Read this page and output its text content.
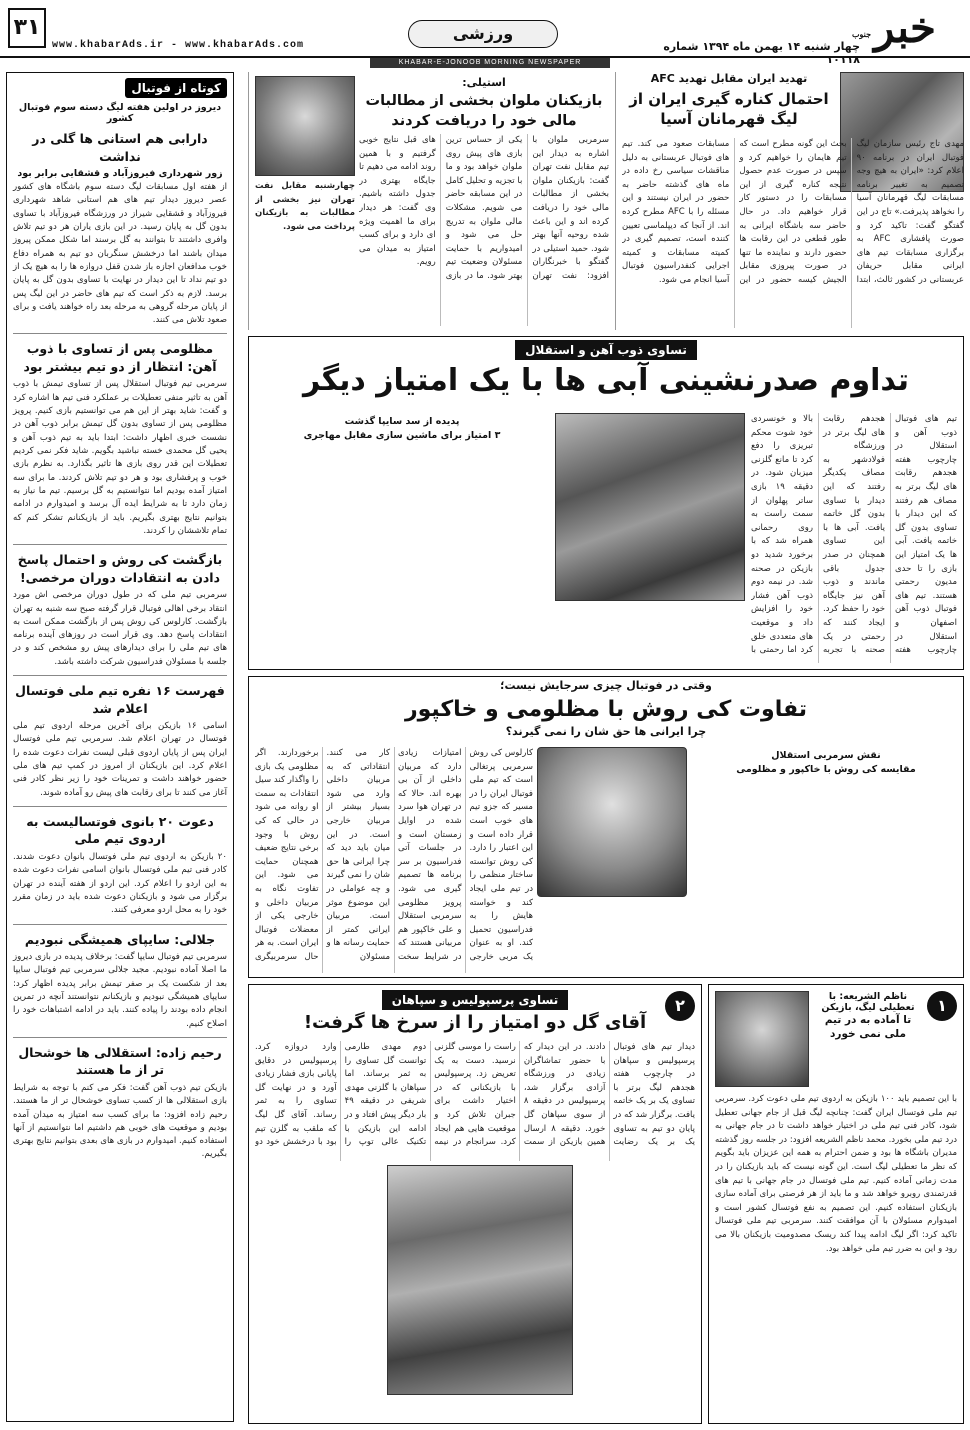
۳۱
www.khabarAds.ir - www.khabarAds.com
ورزشی	خبر
جنوب
چهار شنبه ۱۴ بهمن ماه ۱۳۹۴ شماره ۱۰۱۱۸
KHABAR-E-JONOOB MORNING NEWSPAPER
کوتاه از فوتبال
دیروز در اولین هفته لیگ دسته سوم فوتبال کشور
دارابی هم استانی ها گلی در نداشت
زور شهرداری فیروزآباد و قشقایی برابر بود
از هفته اول مسابقات لیگ دسته سوم باشگاه های کشور عصر دیروز دیدار تیم های هم استانی شاهد شهرداری فیروزآباد و قشقایی شیراز در ورزشگاه فیروزآباد با تساوی بدون گل به پایان رسید. در این بازی یاران هر دو تیم تلاش وافری داشتند تا بتوانند به گل برسند اما شکل ممکن پیروز میدان باشند اما درخشش سنگربان دو تیم به همراه دفاع خوب مدافعان اجازه باز شدن قفل دروازه ها را به هیچ یک از دو تیم نداد تا این دیدار در نهایت با تساوی بدون گل به پایان برسد. لازم به ذکر است که تیم های حاضر در این لیگ پس از پایان مرحله گروهی به مرحله بعد راه خواهند یافت و برای صعود تلاش می کنند.
مظلومی پس از تساوی با ذوب آهن: انتظار از دو تیم بیشتر بود
سرمربی تیم فوتبال استقلال پس از تساوی تیمش با ذوب آهن به تاثیر منفی تعطیلات بر عملکرد فنی تیم ها اشاره کرد و گفت: شاید بهتر از این هم می توانستیم بازی کنیم. پرویز مظلومی پس از تساوی بدون گل تیمش برابر ذوب آهن در نشست خبری اظهار داشت: ابتدا باید به تیم ذوب آهن و یحیی گل محمدی خسته نباشید بگویم. شاید فکر نمی کردیم تعطیلات این قدر روی بازی ها تاثیر بگذارد. به نظرم بازی خوب و پرفشاری بود و هر دو تیم تلاش کردند. ما برای سه امتیاز آمده بودیم اما نتوانستیم به گل برسیم. تیم ما نیاز به زمان دارد تا به شرایط ایده آل برسد و امیدوارم در ادامه بتوانیم نتایج بهتری بگیریم. باید از بازیکنانم تشکر کنم که تمام تلاششان را کردند.
بازگشت کی روش و احتمال پاسخ دادن به انتقادات دوران مرخصی!
سرمربی تیم ملی که در طول دوران مرخصی اش مورد انتقاد برخی اهالی فوتبال قرار گرفته صبح سه شنبه به تهران بازگشت. کارلوس کی روش پس از بازگشت ممکن است به انتقادات پاسخ دهد. وی قرار است در روزهای آینده برنامه های تیم ملی را برای دیدارهای پیش رو مشخص کند و در جلسه با مسئولان فدراسیون شرکت داشته باشد.
فهرست ۱۶ نفره تیم ملی فوتسال اعلام شد
اسامی ۱۶ بازیکن برای آخرین مرحله اردوی تیم ملی فوتسال در تهران اعلام شد. سرمربی تیم ملی فوتسال ایران پس از پایان اردوی قبلی لیست نفرات دعوت شده را اعلام کرد. این بازیکنان از امروز در کمپ تیم های ملی حضور خواهند داشت و تمرینات خود را زیر نظر کادر فنی آغاز می کنند تا برای رقابت های پیش رو آماده شوند.
دعوت ۲۰ بانوی فوتسالیست به اردوی تیم ملی
۲۰ بازیکن به اردوی تیم ملی فوتسال بانوان دعوت شدند. کادر فنی تیم ملی فوتسال بانوان اسامی نفرات دعوت شده به این اردو را اعلام کرد. این اردو از هفته آینده در تهران برگزار می شود و بازیکنان دعوت شده باید در زمان مقرر خود را به محل اردو معرفی کنند.
جلالی: سایپای همیشگی نبودیم
سرمربی تیم فوتبال سایپا گفت: برخلاف پدیده در بازی دیروز ما اصلا آماده نبودیم. مجید جلالی سرمربی تیم فوتبال سایپا بعد از شکست یک بر صفر تیمش برابر پدیده اظهار کرد: سایپای همیشگی نبودیم و بازیکنانم نتوانستند آنچه در تمرین انجام داده بودند را پیاده کنند. باید در ادامه اشتباهات خود را اصلاح کنیم.
رحیم زاده: استقلالی ها خوشحال تر از ما هستند
بازیکن تیم ذوب آهن گفت: فکر می کنم با توجه به شرایط بازی استقلالی ها از کسب تساوی خوشحال تر از ما هستند. رحیم زاده افزود: ما برای کسب سه امتیاز به میدان آمده بودیم و موقعیت های خوبی هم داشتیم اما نتوانستیم از آنها استفاده کنیم. امیدوارم در بازی های بعدی بتوانیم نتایج بهتری بگیریم.
تهدید ایران مقابل تهدید AFC
احتمال کناره گیری ایران از لیگ قهرمانان آسیا
مهدی تاج رئیس سازمان لیگ فوتبال ایران در برنامه ۹۰ اعلام کرد: «ایران به هیچ وجه تصمیم به تغییر برنامه مسابقات لیگ قهرمانان آسیا را نخواهد پذیرفت.» تاج در این گفتگو گفت: تاکید کرد و صورت پافشاری AFC به برگزاری مسابقات تیم های ایرانی مقابل حریفان عربستانی در کشور ثالث، ابتدا بحث این گونه مطرح است که تیم هایمان را خواهیم کرد و سپس در صورت عدم حصول نتیجه کناره گیری از این مسابقات را در دستور کار قرار خواهیم داد. در حال حاضر سه باشگاه ایرانی به طور قطعی در این رقابت ها حضور دارند و نماینده ما تنها در صورت پیروزی مقابل الجیش کیسه حضور در این مسابقات صعود می کند. تیم های فوتبال عربستانی به دلیل مناقشات سیاسی رخ داده در ماه های گذشته حاضر به حضور در ایران نیستند و این مسئله را با AFC مطرح کرده اند. از آنجا که دیپلماسی تعیین کننده است، تصمیم گیری در کمیته مسابقات و کمیته اجرایی کنفدراسیون فوتبال آسیا انجام می شود.
استیلی:
بازیکنان ملوان بخشی از مطالبات مالی خود را دریافت کردند
چهارشنبه مقابل نفت تهران نیز بخشی از مطالبات به بازیکنان پرداخت می شود.
سرمربی ملوان با اشاره به دیدار این تیم مقابل نفت تهران گفت: بازیکنان ملوان بخشی از مطالبات مالی خود را دریافت کرده اند و این باعث شده روحیه آنها بهتر شود. حمید استیلی در گفتگو با خبرنگاران افزود: نفت تهران یکی از حساس ترین بازی های پیش روی ملوان خواهد بود و ما با تجزیه و تحلیل کامل در این مسابقه حاضر می شویم. مشکلات مالی ملوان به تدریج حل می شود و امیدواریم با حمایت مسئولان وضعیت تیم بهتر شود. ما در بازی های قبل نتایج خوبی گرفتیم و با همین روند ادامه می دهیم تا جایگاه بهتری در جدول داشته باشیم. وی گفت: هر دیدار برای ما اهمیت ویژه ای دارد و برای کسب امتیاز به میدان می رویم.
تساوی ذوب آهن و استقلال
تداوم صدرنشینی آبی ها با یک امتیاز دیگر
تیم های فوتبال ذوب آهن و استقلال در چارچوب هفته هجدهم رقابت های لیگ برتر به مصاف هم رفتند که این دیدار با تساوی بدون گل خاتمه یافت. آبی ها یک امتیاز این بازی را تا حدی مدیون رحمتی هستند. تیم های فوتبال ذوب آهن اصفهان و استقلال در چارچوب هفته هجدهم رقابت های لیگ برتر در ورزشگاه فولادشهر به مصاف یکدیگر رفتند که این دیدار با تساوی بدون گل خاتمه یافت. آبی ها با این تساوی همچنان در صدر جدول باقی ماندند و ذوب آهن نیز جایگاه خود را حفظ کرد. ایجاد کنند که رحمتی در یک صحنه با تجربه بالا و خونسردی خود شوت محکم تبریزی را دفع کرد تا مانع گلزنی میزبان شود. در دقیقه ۱۹ بازی ساتر پهلوان از سمت راست به روی رحمانی همراه شد که با برخورد شدید دو بازیکن در صحنه شد. در نیمه دوم ذوب آهن فشار خود را افزایش داد و موقعیت های متعددی خلق کرد اما رحمتی با
پدیده از سد سایپا گذشت
۳ امتیاز برای ماشین سازی مقابل مهاجری
وقتی در فوتبال چیزی سرجایش نیست؛
تفاوت کی روش با مظلومی و خاکپور
چرا ایرانی ها حق شان را نمی گیرند؟
کارلوس کی روش سرمربی پرتغالی است که تیم ملی فوتبال ایران را در مسیر که جزو تیم های خوب است قرار داده است و این اعتبار را دارد. کی روش توانسته ساختار منظمی را در تیم ملی ایجاد کند و خواسته هایش را به فدراسیون تحمیل کند. او به عنوان یک مربی خارجی امتیازات زیادی دارد که مربیان داخلی از آن بی بهره اند. حالا که در تهران هوا سرد شده در اوایل زمستان است و در جلسات آتی فدراسیون بر سر برنامه ها تصمیم گیری می شود. پرویز مظلومی سرمربی استقلال و علی خاکپور هم مربیانی هستند که در شرایط سخت کار می کنند. انتقاداتی که به مربیان داخلی وارد می شود بسیار بیشتر از مربیان خارجی است. در این میان باید دید که چرا ایرانی ها حق شان را نمی گیرند و چه عواملی در این موضوع موثر است. مربیان ایرانی کمتر از حمایت رسانه ها و مسئولان برخوردارند. اگر مظلومی یک بازی را واگذار کند سیل انتقادات به سمت او روانه می شود در حالی که کی روش با وجود برخی نتایج ضعیف همچنان حمایت می شود. این تفاوت نگاه به مربیان داخلی و خارجی یکی از معضلات فوتبال ایران است. به هر حال سرمربیگری
نقش سرمربی استقلال
مقایسه کی روش با خاکپور و مظلومی
۱
ناظم الشریعه: با تعطیلی لیگ، بازیکن
تا آماده به در تیم ملی نمی خورد
با این تصمیم باید ۱۰۰ بازیکن به اردوی تیم ملی دعوت کرد. سرمربی تیم ملی فوتسال ایران گفت: چنانچه لیگ قبل از جام جهانی تعطیل شود، کادر فنی تیم ملی در اختیار خواهد داشت تا در جام جهانی به درد تیم ملی بخورد. محمد ناظم الشریعه افزود: در جلسه روز گذشته مدیران باشگاه ها بود و ضمن احترام به همه این عزیزان باید بگویم که نظر ما تعطیلی لیگ است. این گونه نیست که باید بازیکنان را در مدت زمانی آماده کنیم. تیم ملی فوتسال در جام جهانی با تیم های قدرتمندی روبرو خواهد شد و ما باید از هر فرصتی برای آماده سازی بازیکنان استفاده کنیم. این تصمیم به نفع فوتسال کشور است و امیدوارم مسئولان با آن موافقت کنند. سرمربی تیم ملی فوتسال تاکید کرد: اگر لیگ ادامه پیدا کند ریسک مصدومیت بازیکنان بالا می رود و این به ضرر تیم ملی خواهد بود.
۲
تساوی پرسپولیس و سپاهان
آقای گل دو امتیاز را از سرخ ها گرفت!
دیدار تیم های فوتبال پرسپولیس و سپاهان در چارچوب هفته هجدهم لیگ برتر با تساوی یک بر یک خاتمه یافت. برگزار شد که در پایان دو تیم به تساوی یک بر یک رضایت دادند. در این دیدار که با حضور تماشاگران زیادی در ورزشگاه آزادی برگزار شد، پرسپولیس در دقیقه ۸ از سوی سپاهان گل خورد. دقیقه ۸ ارسال همین بازیکن از سمت راست را موسی گلزنی نرسید. دست به یک تعریض زد. پرسپولیس با بازیکنانی که در اختیار داشت برای جبران تلاش کرد و موقعیت هایی هم ایجاد کرد. سرانجام در نیمه دوم مهدی طارمی توانست گل تساوی را به ثمر برساند. اما سپاهان با گلزنی مهدی شریفی در دقیقه ۴۹ بار دیگر پیش افتاد و در ادامه این بازیکن با تکنیک عالی توپ را وارد دروازه کرد. پرسپولیس در دقایق پایانی بازی فشار زیادی آورد و در نهایت گل تساوی را به ثمر رساند. آقای گل لیگ که ملقب به گلزن تیم بود با درخشش خود دو
